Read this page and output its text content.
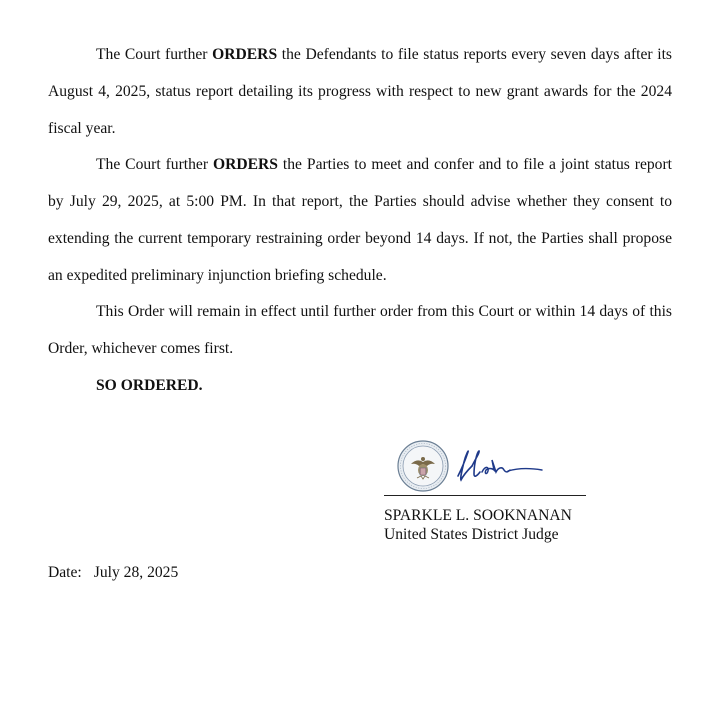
The Court further ORDERS the Defendants to file status reports every seven days after its August 4, 2025, status report detailing its progress with respect to new grant awards for the 2024 fiscal year.

The Court further ORDERS the Parties to meet and confer and to file a joint status report by July 29, 2025, at 5:00 PM. In that report, the Parties should advise whether they consent to extending the current temporary restraining order beyond 14 days. If not, the Parties shall propose an expedited preliminary injunction briefing schedule.

This Order will remain in effect until further order from this Court or within 14 days of this Order, whichever comes first.

SO ORDERED.

SPARKLE L. SOOKNANAN
United States District Judge
Date: July 28, 2025
